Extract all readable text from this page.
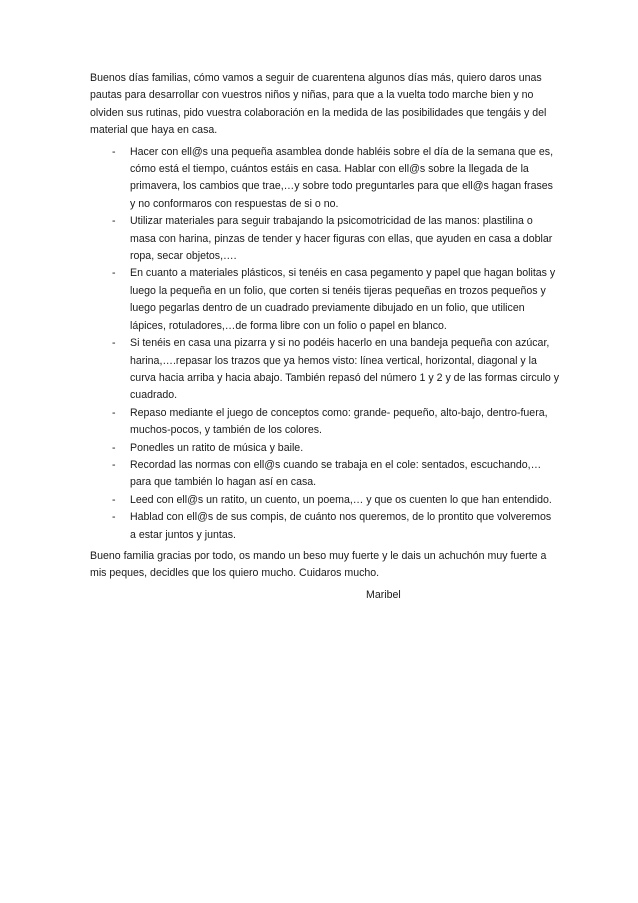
Buenos días familias, cómo vamos a seguir de cuarentena algunos días más, quiero daros unas pautas para desarrollar con vuestros niños y niñas, para que a la vuelta todo marche bien y no olviden sus rutinas, pido vuestra colaboración en la medida de las posibilidades que tengáis y del material que haya en casa.

- Hacer con ell@s una pequeña asamblea donde habléis sobre el día de la semana que es, cómo está el tiempo, cuántos estáis en casa. Hablar con ell@s sobre la llegada de la primavera, los cambios que trae,…y sobre todo preguntarles para que ell@s hagan frases y no conformaros con respuestas de si o no.
- Utilizar materiales para seguir trabajando la psicomotricidad de las manos: plastilina o masa con harina, pinzas de tender y hacer figuras con ellas, que ayuden en casa a doblar ropa, secar objetos,….
- En cuanto a materiales plásticos, si tenéis en casa pegamento y papel que hagan bolitas y luego la pequeña en un folio, que corten si tenéis tijeras pequeñas en trozos pequeños y luego pegarlas dentro de un cuadrado previamente dibujado en un folio, que utilicen lápices, rotuladores,…de forma libre con un folio o papel en blanco.
- Si tenéis en casa una pizarra y si no podéis hacerlo en una bandeja pequeña con azúcar, harina,….repasar los trazos que ya hemos visto: línea vertical, horizontal, diagonal y la curva hacia arriba y hacia abajo. También repasó del número 1 y 2 y de las formas circulo y cuadrado.
- Repaso mediante el juego de conceptos como: grande- pequeño, alto-bajo, dentro-fuera, muchos-pocos, y también de los colores.
- Ponedles un ratito de música y baile.
- Recordad las normas con ell@s cuando se trabaja en el cole: sentados, escuchando,…para que también lo hagan así en casa.
- Leed con ell@s un ratito, un cuento, un poema,… y que os cuenten lo que han entendido.
- Hablad con ell@s de sus compis, de cuánto nos queremos, de lo prontito que volveremos a estar juntos y juntas.

Bueno familia gracias por todo, os mando un beso muy fuerte y le dais un achuchón muy fuerte a mis peques, decidles que los quiero mucho. Cuidaros mucho.

Maribel
